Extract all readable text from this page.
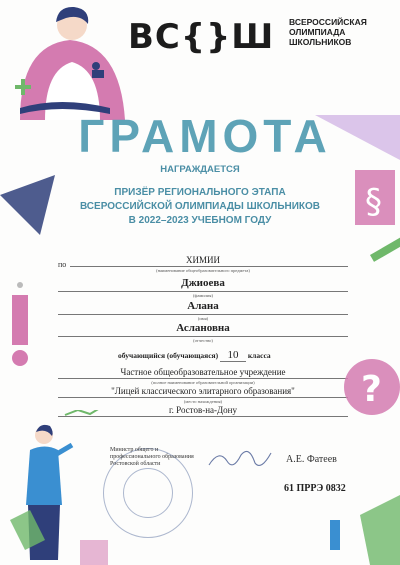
ВС{}Ш ВСЕРОССИЙСКАЯ
ОЛИМПИАДА
ШКОЛЬНИКОВ
§
ГРАМОТА
НАГРАЖДАЕТСЯ
ПРИЗЁР РЕГИОНАЛЬНОГО ЭТАПА
ВСЕРОССИЙСКОЙ ОЛИМПИАДЫ ШКОЛЬНИКОВ
В 2022–2023 УЧЕБНОМ ГОДУ
по	ХИМИИ
(наименование общеобразовательного предмета)
Джиоева
(фамилия)
Алана
(имя)
Аслановна
(отчество)
обучающийся (обучающаяся) 10 класса
Частное общеобразовательное учреждение
(полное наименование образовательной организации)
"Лицей классического элитарного образования"
(место нахождения)
г. Ростов-на-Дону
Министр общего и профессионального образования Ростовской области	А.Е. Фатеев
61 ПРРЭ 0832
?
